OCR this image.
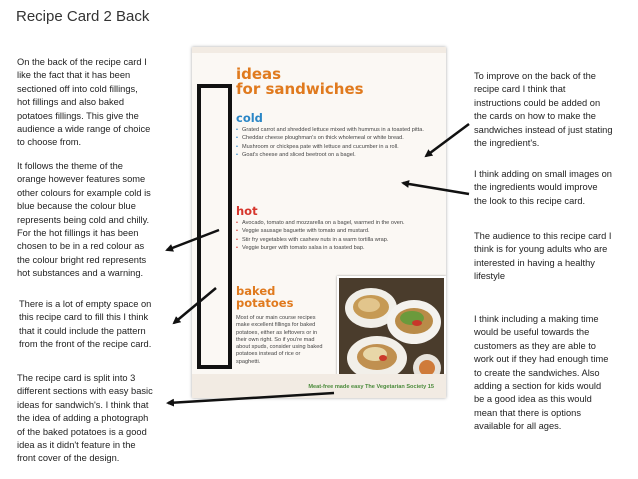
Recipe Card 2 Back
On the back of the recipe card I
like the fact that it has been
sectioned off into cold fillings,
hot fillings and also baked
potatoes fillings. This give the
audience a wide range of choice
to choose from.
It follows the theme of the
orange however features some
other colours for example cold is
blue because the colour blue
represents being cold and chilly.
For the hot fillings it has been
chosen to be in a red colour as
the colour bright red represents
hot substances and a warning.
There is a lot of empty space on
this recipe card to fill this I think
that it could include the pattern
from the front of the recipe card.
The recipe card is split into 3
different sections with easy basic
ideas for sandwich's. I think that
the idea of adding a photograph
of the baked potatoes is a good
idea as it didn't feature in the
front cover of the design.
To improve on the back of the
recipe card I think that
instructions could be added on
the cards on how to make the
sandwiches instead of just stating
the ingredient's.
I think adding on small images on
the ingredients would improve
the look to this recipe card.
The audience to this recipe card I
think is for young adults who are
interested in having a healthy
lifestyle
I think including a making time
would be useful towards the
customers as they are able to
work out if they had enough time
to create the sandwiches. Also
adding a section for kids would
be a good idea as this would
mean that there is options
available for all ages.
ideas
for sandwiches
cold
• Grated carrot and shredded lettuce mixed with hummus in a toasted pitta.
• Cheddar cheese ploughman's on thick wholemeal or white bread.
• Mushroom or chickpea pate with lettuce and cucumber in a roll.
• Goat's cheese and sliced beetroot on a bagel.
hot
• Avocado, tomato and mozzarella on a bagel, warmed in the oven.
• Veggie sausage baguette with tomato and mustard.
• Stir fry vegetables with cashew nuts in a warm tortilla wrap.
• Veggie burger with tomato salsa in a toasted bap.
baked
potatoes

Most of our main course recipes make excellent fillings for baked potatoes, either as leftovers or in their own right. So if you're mad about spuds, consider using baked potatoes instead of rice or spaghetti.

Meat-free made easy The Vegetarian Society 15
